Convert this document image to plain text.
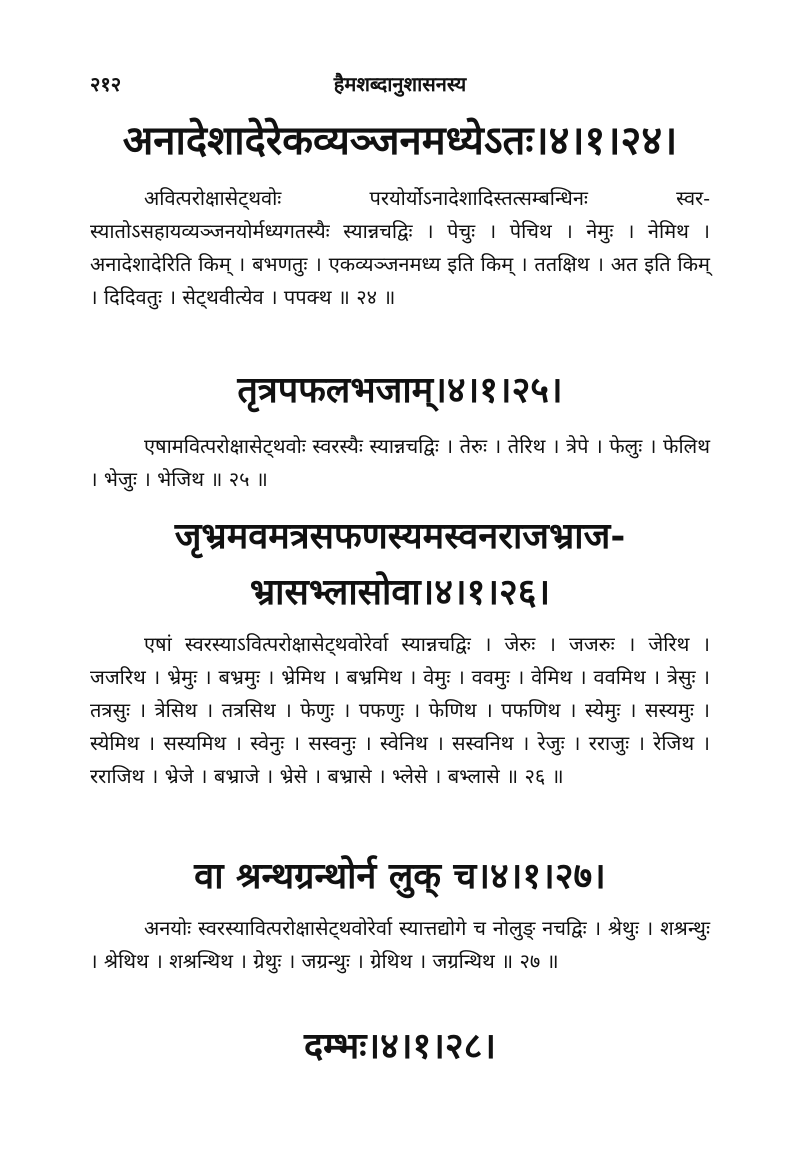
२१२	हैमशब्दानुशासनस्य
अनादेशादेरेकव्यञ्जनमध्येऽतः।४।१।२४।
अवित्परोक्षासेट्थवोः परयोर्योऽनादेशादिस्तत्सम्बन्धिनः स्वर-स्यातोऽसहायव्यञ्जनयोर्मध्यगतस्यैः स्यान्नचद्विः । पेचुः । पेचिथ । नेमुः । नेमिथ । अनादेशादेरिति किम् । बभणतुः । एकव्यञ्जनमध्य इति किम् । ततक्षिथ । अत इति किम् । दिदिवतुः । सेट्थवीत्येव । पपक्थ ॥ २४ ॥
तृत्रपफलभजाम्।४।१।२५।
एषामवित्परोक्षासेट्थवोः स्वरस्यैः स्यान्नचद्विः । तेरुः । तेरिथ । त्रेपे । फेलुः । फेलिथ । भेजुः । भेजिथ ॥ २५ ॥
जृभ्रमवमत्रसफणस्यमस्वनराजभ्राज-
भ्रासभ्लासोवा।४।१।२६।
एषां स्वरस्याऽवित्परोक्षासेट्थवोरेर्वा स्यान्नचद्विः । जेरुः । जजरुः । जेरिथ । जजरिथ । भ्रेमुः । बभ्रमुः । भ्रेमिथ । बभ्रमिथ । वेमुः । ववमुः । वेमिथ । ववमिथ । त्रेसुः । तत्रसुः । त्रेसिथ । तत्रसिथ । फेणुः । पफणुः । फेणिथ । पफणिथ । स्येमुः । सस्यमुः । स्येमिथ । सस्यमिथ । स्वेनुः । सस्वनुः । स्वेनिथ । सस्वनिथ । रेजुः । रराजुः । रेजिथ । रराजिथ । भ्रेजे । बभ्राजे । भ्रेसे । बभ्रासे । भ्लेसे । बभ्लासे ॥ २६ ॥
वा श्रन्थग्रन्थोर्न लुक् च।४।१।२७।
अनयोः स्वरस्यावित्परोक्षासेट्थवोरेर्वा स्यात्तद्योगे च नोलुङ् नचद्विः । श्रेथुः । शश्रन्थुः । श्रेथिथ । शश्रन्थिथ । ग्रेथुः । जग्रन्थुः । ग्रेथिथ । जग्रन्थिथ ॥ २७ ॥
दम्भः।४।१।२८।
